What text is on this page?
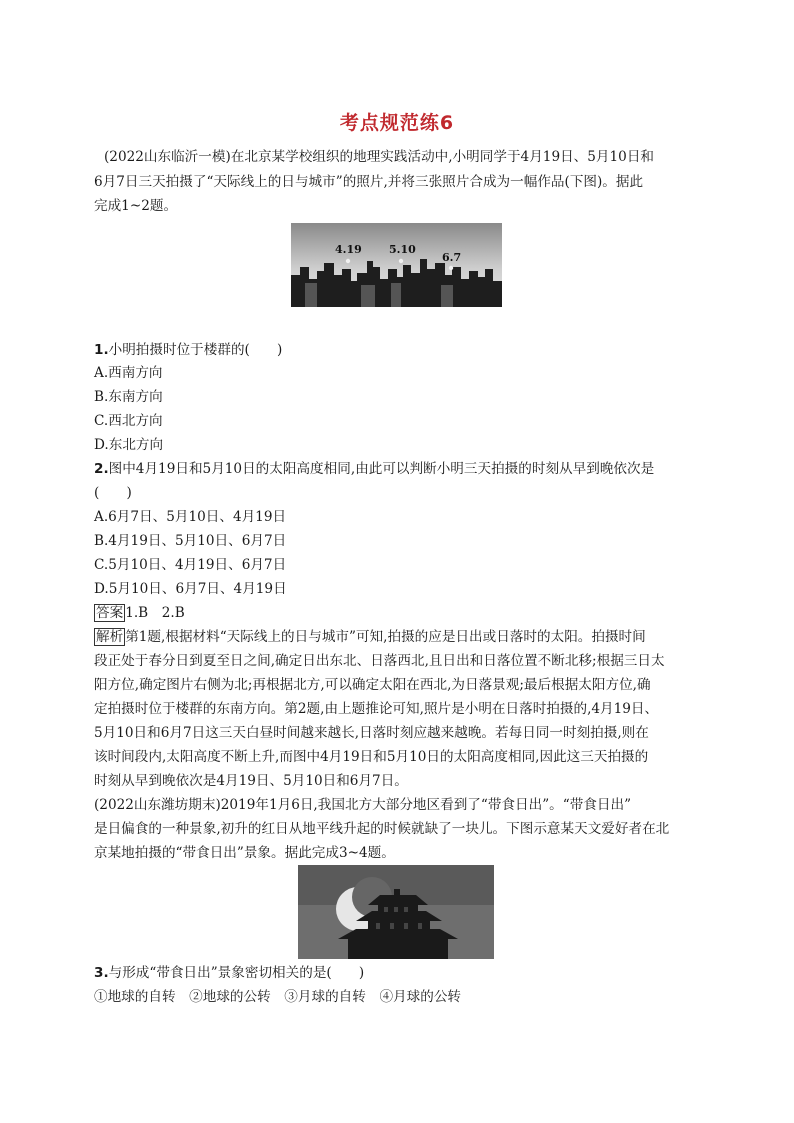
考点规范练6
(2022山东临沂一模)在北京某学校组织的地理实践活动中,小明同学于4月19日、5月10日和
6月7日三天拍摄了“天际线上的日与城市”的照片,并将三张照片合成为一幅作品(下图)。据此
完成1~2题。
4.19 5.10
6.7
1.小明拍摄时位于楼群的(　　)
A.西南方向
B.东南方向
C.西北方向
D.东北方向
2.图中4月19日和5月10日的太阳高度相同,由此可以判断小明三天拍摄的时刻从早到晚依次是
(　　)
A.6月7日、5月10日、4月19日
B.4月19日、5月10日、6月7日
C.5月10日、4月19日、6月7日
D.5月10日、6月7日、4月19日
答案 1.B　2.B
解析 第1题,根据材料“天际线上的日与城市”可知,拍摄的应是日出或日落时的太阳。拍摄时间
段正处于春分日到夏至日之间,确定日出东北、日落西北,且日出和日落位置不断北移;根据三日太
阳方位,确定图片右侧为北;再根据北方,可以确定太阳在西北,为日落景观;最后根据太阳方位,确
定拍摄时位于楼群的东南方向。第2题,由上题推论可知,照片是小明在日落时拍摄的,4月19日、
5月10日和6月7日这三天白昼时间越来越长,日落时刻应越来越晚。若每日同一时刻拍摄,则在
该时间段内,太阳高度不断上升,而图中4月19日和5月10日的太阳高度相同,因此这三天拍摄的
时刻从早到晚依次是4月19日、5月10日和6月7日。
(2022山东潍坊期末)2019年1月6日,我国北方大部分地区看到了“带食日出”。“带食日出”
是日偏食的一种景象,初升的红日从地平线升起的时候就缺了一块儿。下图示意某天文爱好者在北
京某地拍摄的“带食日出”景象。据此完成3~4题。
3.与形成“带食日出”景象密切相关的是(　　)
①地球的自转　②地球的公转　③月球的自转　④月球的公转
